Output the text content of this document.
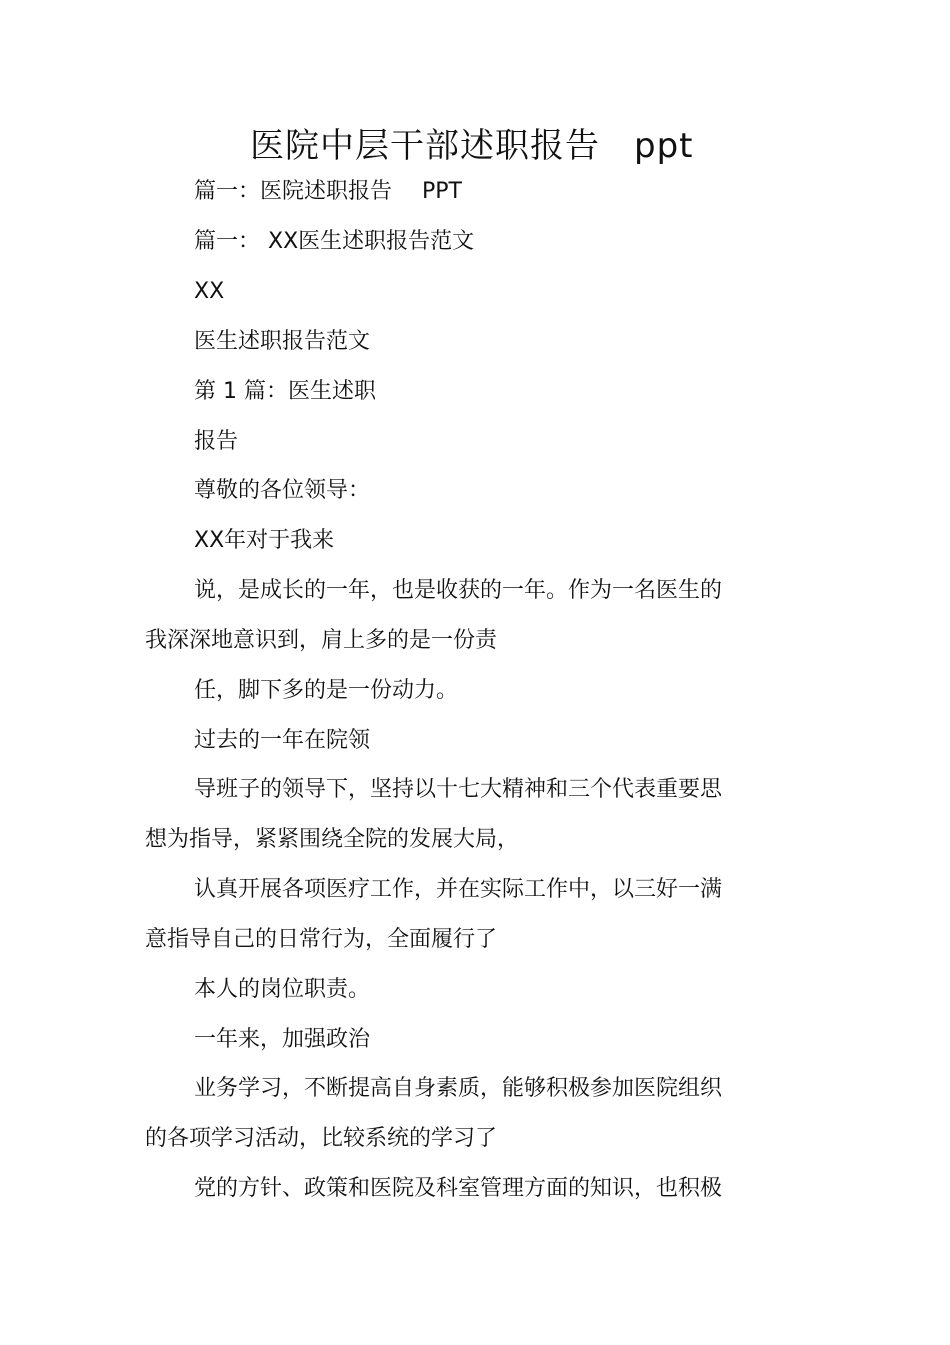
医院中层干部述职报告 ppt
篇一：医院述职报告 PPT
篇一： XX医生述职报告范文
XX
医生述职报告范文
第 1 篇：医生述职
报告
尊敬的各位领导：
XX年对于我来
说，是成长的一年，也是收获的一年。作为一名医生的
我深深地意识到，肩上多的是一份责
任，脚下多的是一份动力。
过去的一年在院领
导班子的领导下，坚持以十七大精神和三个代表重要思
想为指导，紧紧围绕全院的发展大局，
认真开展各项医疗工作，并在实际工作中，以三好一满
意指导自己的日常行为，全面履行了
本人的岗位职责。
一年来，加强政治
业务学习，不断提高自身素质，能够积极参加医院组织
的各项学习活动，比较系统的学习了
党的方针、政策和医院及科室管理方面的知识，也积极
